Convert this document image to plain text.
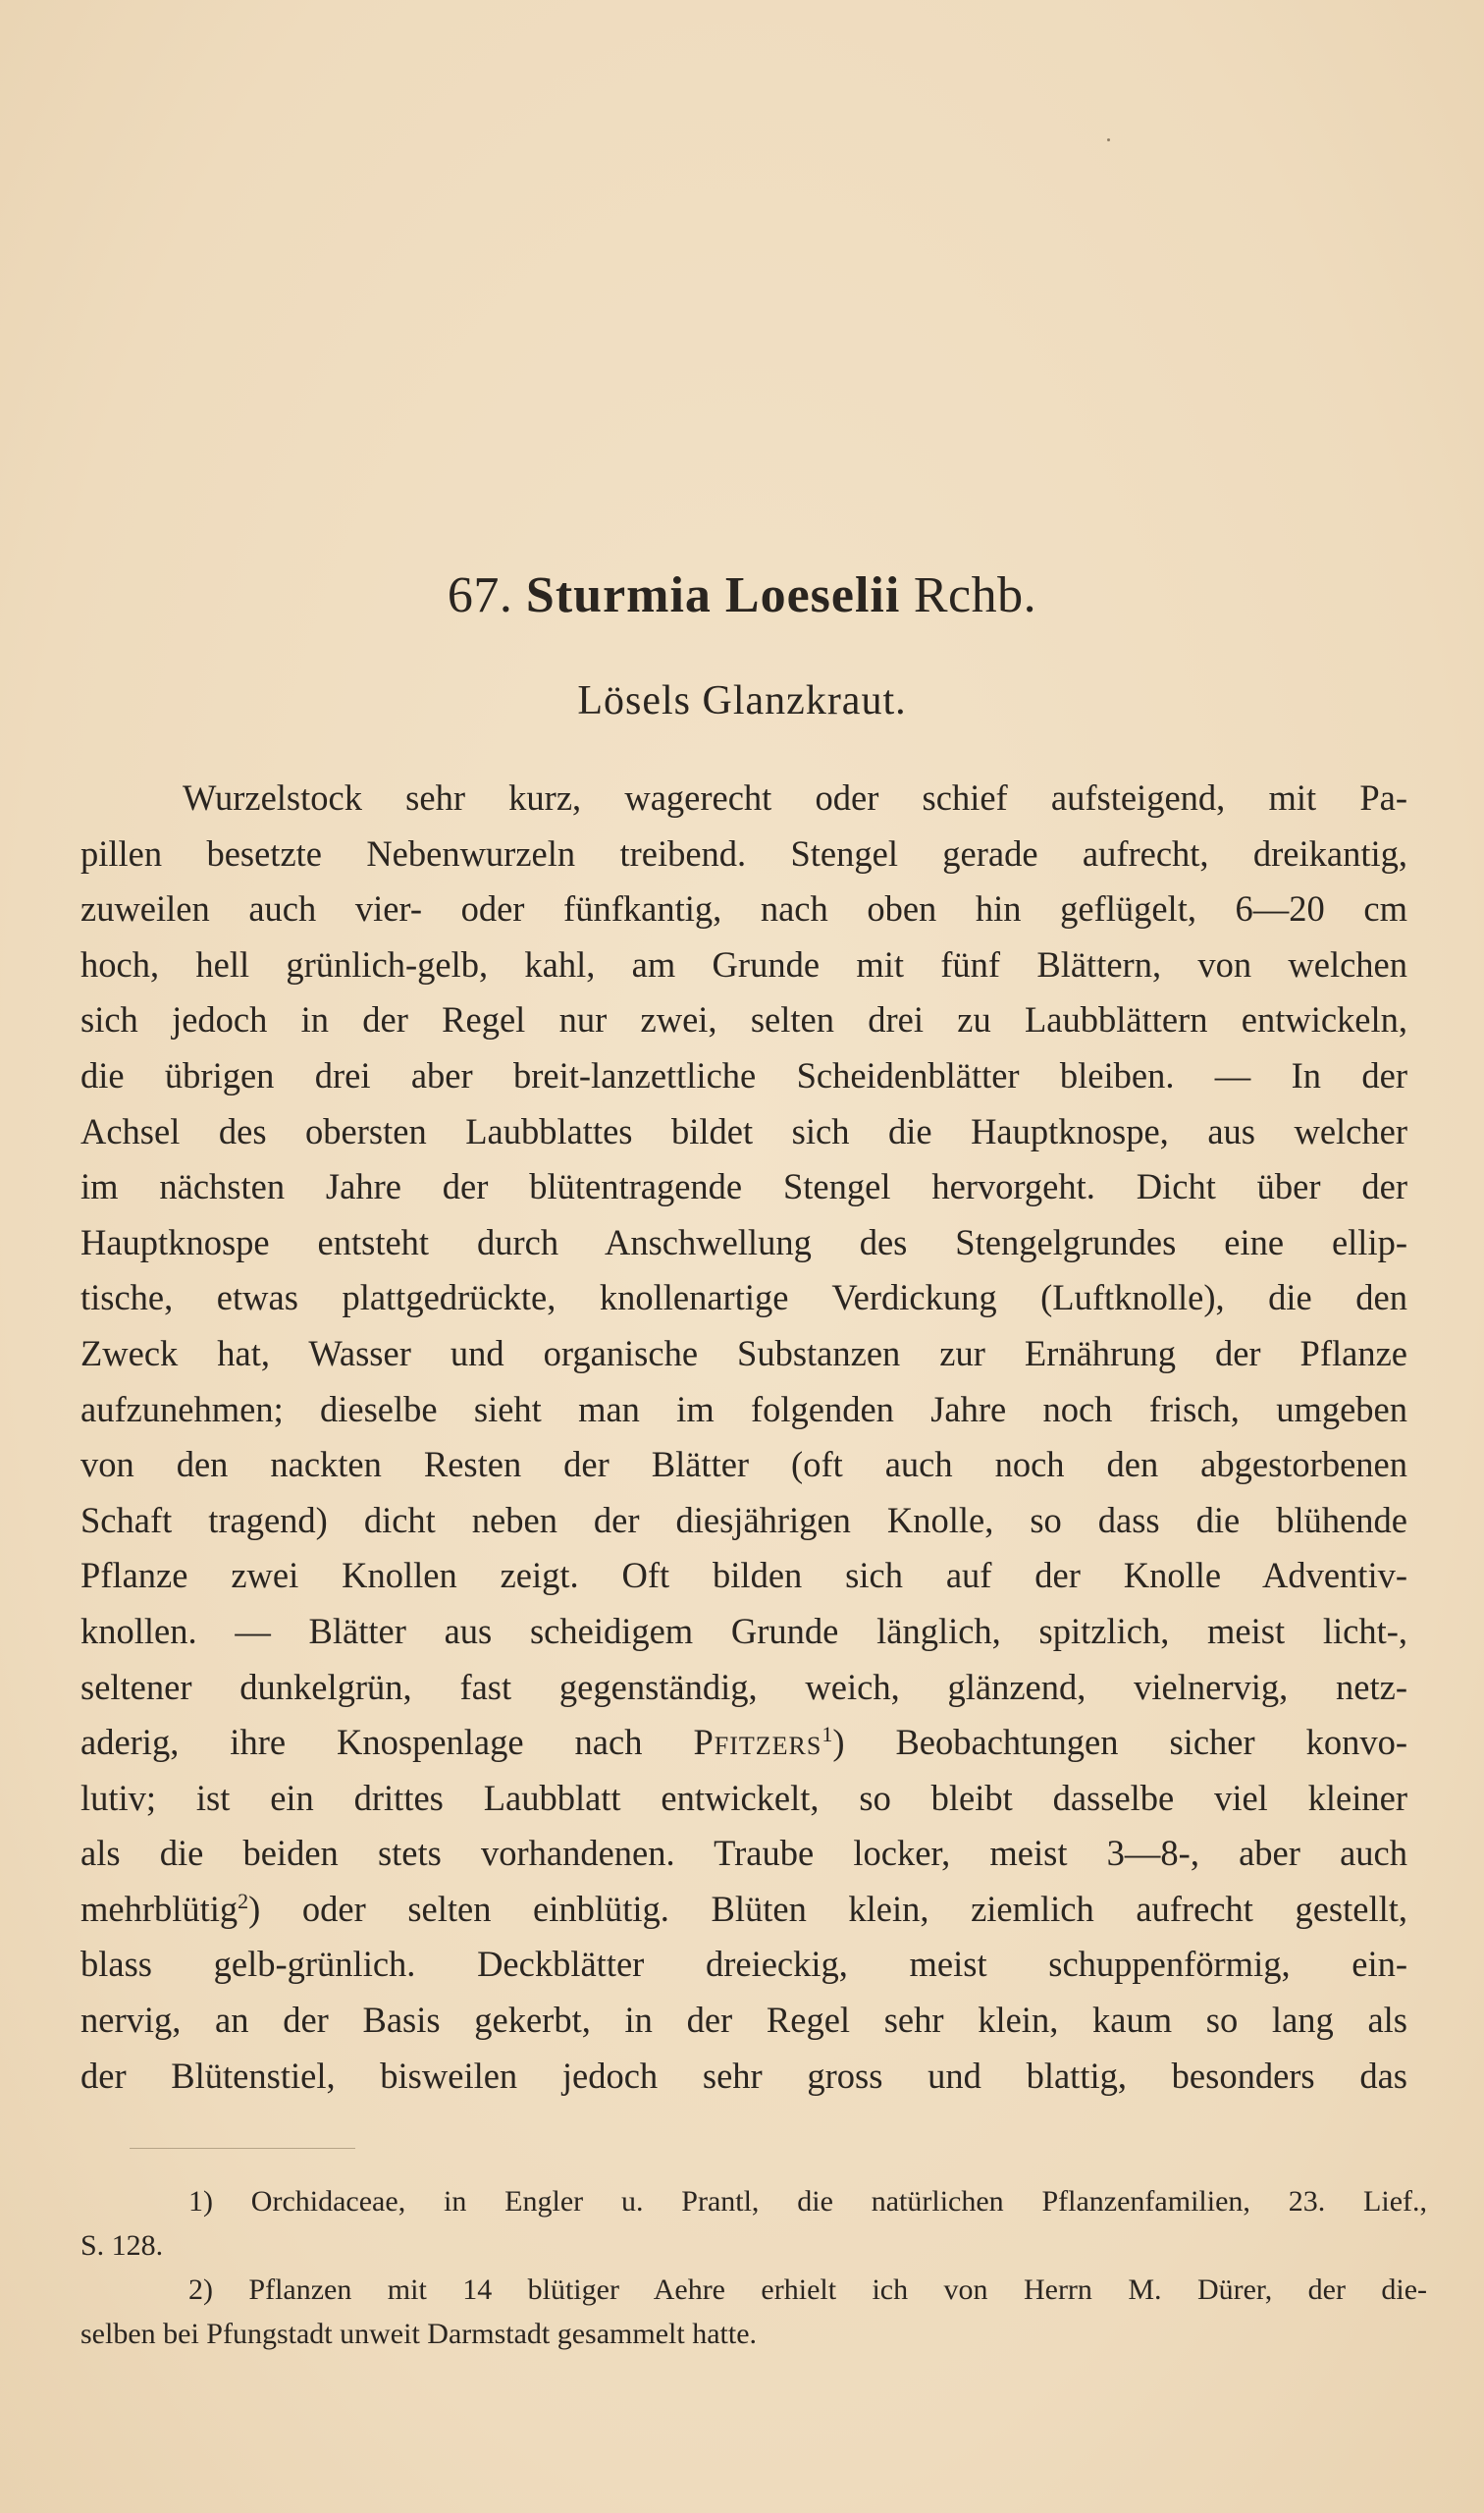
67. Sturmia Loeselii Rchb.
Lösels Glanzkraut.
Wurzelstock sehr kurz, wagerecht oder schief aufsteigend, mit Pa-
pillen besetzte Nebenwurzeln treibend. Stengel gerade aufrecht, dreikantig,
zuweilen auch vier- oder fünfkantig, nach oben hin geflügelt, 6—20 cm
hoch, hell grünlich-gelb, kahl, am Grunde mit fünf Blättern, von welchen
sich jedoch in der Regel nur zwei, selten drei zu Laubblättern entwickeln,
die übrigen drei aber breit-lanzettliche Scheidenblätter bleiben. — In der
Achsel des obersten Laubblattes bildet sich die Hauptknospe, aus welcher
im nächsten Jahre der blütentragende Stengel hervorgeht. Dicht über der
Hauptknospe entsteht durch Anschwellung des Stengelgrundes eine ellip-
tische, etwas plattgedrückte, knollenartige Verdickung (Luftknolle), die den
Zweck hat, Wasser und organische Substanzen zur Ernährung der Pflanze
aufzunehmen; dieselbe sieht man im folgenden Jahre noch frisch, umgeben
von den nackten Resten der Blätter (oft auch noch den abgestorbenen
Schaft tragend) dicht neben der diesjährigen Knolle, so dass die blühende
Pflanze zwei Knollen zeigt. Oft bilden sich auf der Knolle Adventiv-
knollen. — Blätter aus scheidigem Grunde länglich, spitzlich, meist licht-,
seltener dunkelgrün, fast gegenständig, weich, glänzend, vielnervig, netz-
aderig, ihre Knospenlage nach Pfitzers$^1$) Beobachtungen sicher konvo-
lutiv; ist ein drittes Laubblatt entwickelt, so bleibt dasselbe viel kleiner
als die beiden stets vorhandenen. Traube locker, meist 3—8-, aber auch
mehrblütig$^2$) oder selten einblütig. Blüten klein, ziemlich aufrecht gestellt,
blass gelb-grünlich. Deckblätter dreieckig, meist schuppenförmig, ein-
nervig, an der Basis gekerbt, in der Regel sehr klein, kaum so lang als
der Blütenstiel, bisweilen jedoch sehr gross und blattig, besonders das
1) Orchidaceae, in Engler u. Prantl, die natürlichen Pflanzenfamilien, 23. Lief.,
S. 128.
2) Pflanzen mit 14 blütiger Aehre erhielt ich von Herrn M. Dürer, der die-
selben bei Pfungstadt unweit Darmstadt gesammelt hatte.
